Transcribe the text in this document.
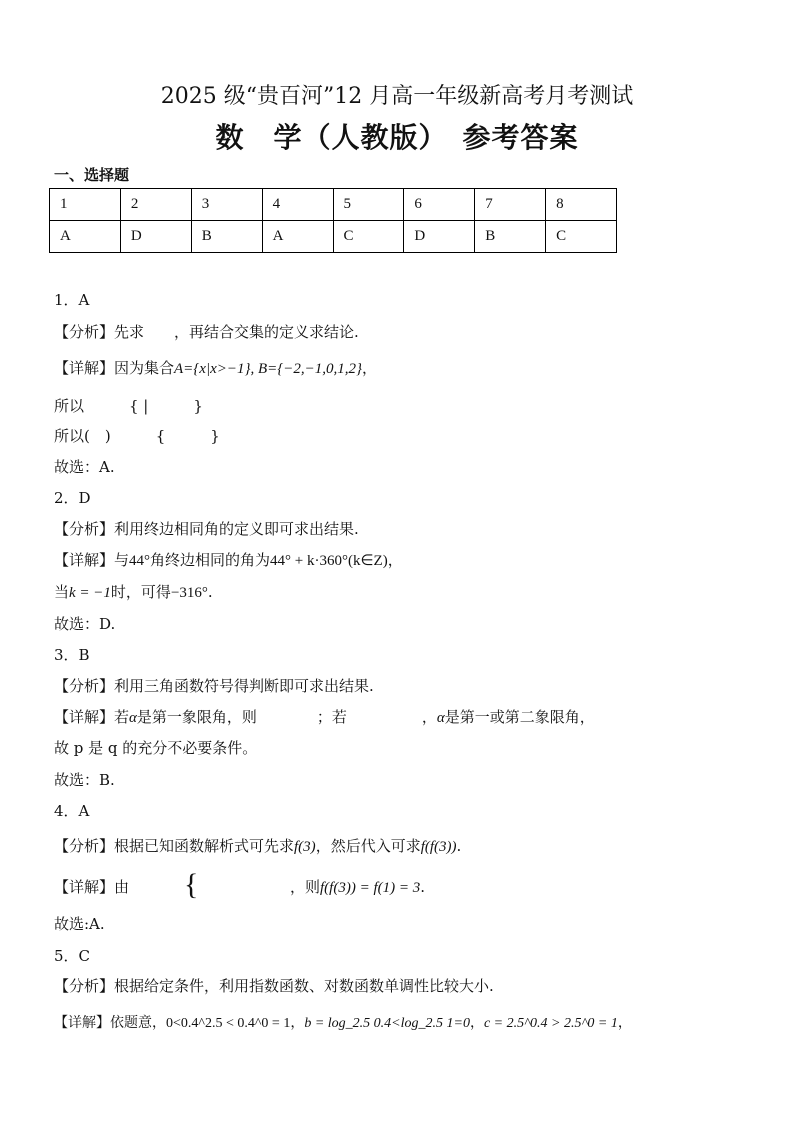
2025 级“贵百河”12 月高一年级新高考月考测试
数　学（人教版）　参考答案
一、选择题
1	2	3	4	5	6	7	8
A	D	B	A	C	D	B	C
1．A
【分析】先求　　，再结合交集的定义求结论.
【详解】因为集合A={x|x>−1}, B={−2,−1,0,1,2}，
所以　　　{ |　　　}
所以(　)　　　{　　　}
故选：A.
2．D
【分析】利用终边相同角的定义即可求出结果.
【详解】与44°角终边相同的角为44° + k·360°(k∈Z)，
当k = −1时，可得−316°.
故选：D.
3．B
【分析】利用三角函数符号得判断即可求出结果.
【详解】若α是第一象限角，则　　　　；若　　　　　，α是第一或第二象限角，
故 p 是 q 的充分不必要条件。
故选：B.
4．A
【分析】根据已知函数解析式可先求f(3)，然后代入可求f(f(3)).
【详解】由 {	，则f(f(3)) = f(1) = 3.
故选:A.
5．C
【分析】根据给定条件，利用指数函数、对数函数单调性比较大小.
【详解】依题意，0<0.4^2.5 < 0.4^0 = 1，b = log_2.5 0.4<log_2.5 1=0，c = 2.5^0.4 > 2.5^0 = 1，
